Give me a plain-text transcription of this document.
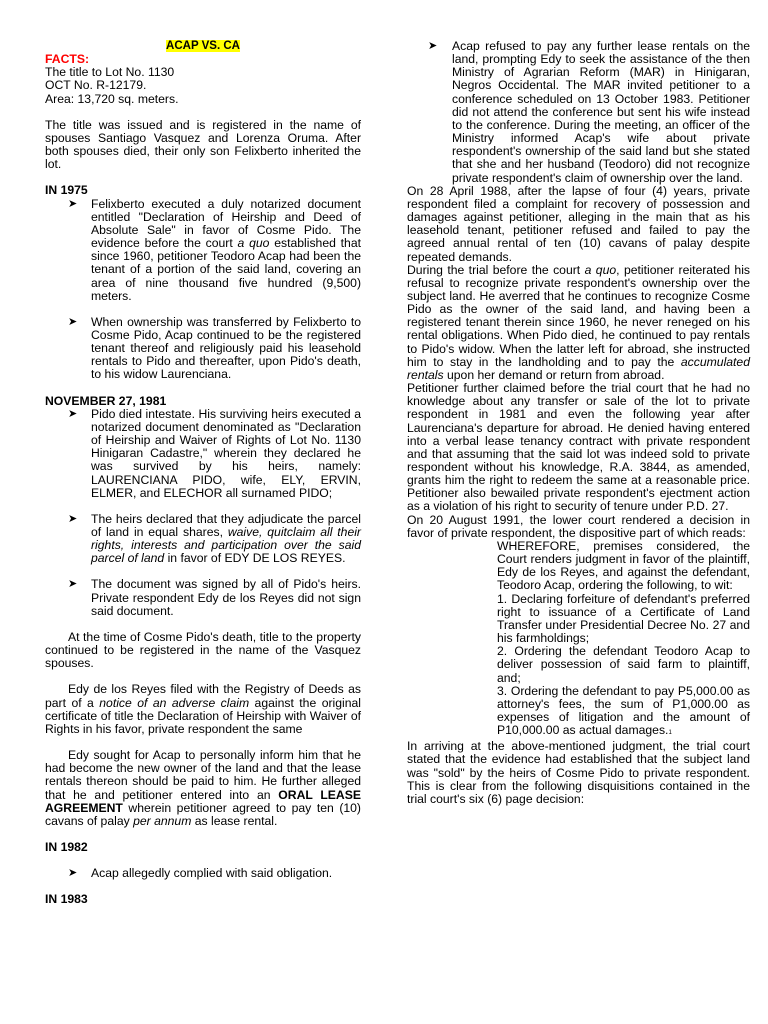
ACAP VS. CA

FACTS:

The title to Lot No. 1130

OCT No. R-12179.

Area: 13,720 sq. meters.

The title was issued and is registered in the name of spouses Santiago Vasquez and Lorenza Oruma. After both spouses died, their only son Felixberto inherited the lot.

IN 1975

➤ Felixberto executed a duly notarized document entitled "Declaration of Heirship and Deed of Absolute Sale" in favor of Cosme Pido. The evidence before the court a quo established that since 1960, petitioner Teodoro Acap had been the tenant of a portion of the said land, covering an area of nine thousand five hundred (9,500) meters.
➤ When ownership was transferred by Felixberto to Cosme Pido, Acap continued to be the registered tenant thereof and religiously paid his leasehold rentals to Pido and thereafter, upon Pido's death, to his widow Laurenciana.

NOVEMBER 27, 1981

➤ Pido died intestate. His surviving heirs executed a notarized document denominated as "Declaration of Heirship and Waiver of Rights of Lot No. 1130 Hinigaran Cadastre," wherein they declared he was survived by his heirs, namely: LAURENCIANA PIDO, wife, ELY, ERVIN, ELMER, and ELECHOR all surnamed PIDO;
➤ The heirs declared that they adjudicate the parcel of land in equal shares, waive, quitclaim all their rights, interests and participation over the said parcel of land in favor of EDY DE LOS REYES.
➤ The document was signed by all of Pido's heirs. Private respondent Edy de los Reyes did not sign said document.

At the time of Cosme Pido's death, title to the property continued to be registered in the name of the Vasquez spouses.

Edy de los Reyes filed with the Registry of Deeds as part of a notice of an adverse claim against the original certificate of title the Declaration of Heirship with Waiver of Rights in his favor, private respondent the same

Edy sought for Acap to personally inform him that he had become the new owner of the land and that the lease rentals thereon should be paid to him. He further alleged that he and petitioner entered into an ORAL LEASE AGREEMENT wherein petitioner agreed to pay ten (10) cavans of palay per annum as lease rental.

IN 1982

➤ Acap allegedly complied with said obligation.

IN 1983

➤ Acap refused to pay any further lease rentals on the land, prompting Edy to seek the assistance of the then Ministry of Agrarian Reform (MAR) in Hinigaran, Negros Occidental. The MAR invited petitioner to a conference scheduled on 13 October 1983. Petitioner did not attend the conference but sent his wife instead to the conference. During the meeting, an officer of the Ministry informed Acap's wife about private respondent's ownership of the said land but she stated that she and her husband (Teodoro) did not recognize private respondent's claim of ownership over the land.

On 28 April 1988, after the lapse of four (4) years, private respondent filed a complaint for recovery of possession and damages against petitioner, alleging in the main that as his leasehold tenant, petitioner refused and failed to pay the agreed annual rental of ten (10) cavans of palay despite repeated demands.

During the trial before the court a quo, petitioner reiterated his refusal to recognize private respondent's ownership over the subject land. He averred that he continues to recognize Cosme Pido as the owner of the said land, and having been a registered tenant therein since 1960, he never reneged on his rental obligations. When Pido died, he continued to pay rentals to Pido's widow. When the latter left for abroad, she instructed him to stay in the landholding and to pay the accumulated rentals upon her demand or return from abroad.

Petitioner further claimed before the trial court that he had no knowledge about any transfer or sale of the lot to private respondent in 1981 and even the following year after Laurenciana's departure for abroad. He denied having entered into a verbal lease tenancy contract with private respondent and that assuming that the said lot was indeed sold to private respondent without his knowledge, R.A. 3844, as amended, grants him the right to redeem the same at a reasonable price. Petitioner also bewailed private respondent's ejectment action as a violation of his right to security of tenure under P.D. 27.

On 20 August 1991, the lower court rendered a decision in favor of private respondent, the dispositive part of which reads:

WHEREFORE, premises considered, the Court renders judgment in favor of the plaintiff, Edy de los Reyes, and against the defendant, Teodoro Acap, ordering the following, to wit:

1. Declaring forfeiture of defendant's preferred right to issuance of a Certificate of Land Transfer under Presidential Decree No. 27 and his farmholdings;

2. Ordering the defendant Teodoro Acap to deliver possession of said farm to plaintiff, and;

3. Ordering the defendant to pay P5,000.00 as attorney's fees, the sum of P1,000.00 as expenses of litigation and the amount of P10,000.00 as actual damages.1

In arriving at the above-mentioned judgment, the trial court stated that the evidence had established that the subject land was "sold" by the heirs of Cosme Pido to private respondent. This is clear from the following disquisitions contained in the trial court's six (6) page decision:
